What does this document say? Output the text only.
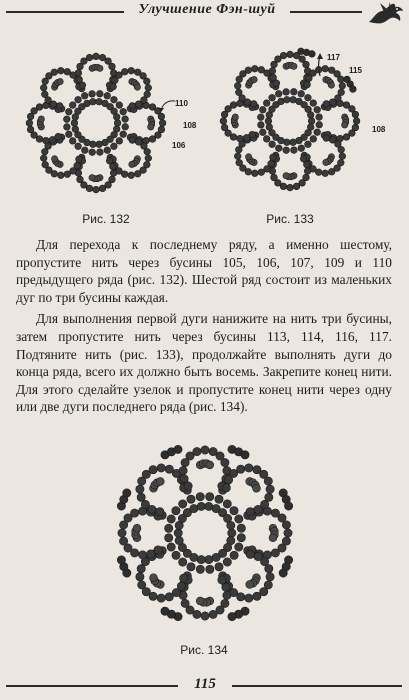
Улучшение Фэн-шуй
110
108
106
Рис. 132
117
115
108
Рис. 133

Для перехода к последнему ряду, а именно шестому, пропустите нить через бусины 105, 106, 107, 109 и 110 предыдущего ряда (рис. 132). Шестой ряд состоит из маленьких дуг по три бусины каждая.

Для выполнения первой дуги нанижите на нить три бусины, затем пропустите нить через бусины 113, 114, 116, 117. Подтяните нить (рис. 133), продолжайте выполнять дуги до конца ряда, всего их должно быть восемь. Закрепите конец нити. Для этого сделайте узелок и пропустите конец нити через одну или две дуги последнего ряда (рис. 134).

Рис. 134
115
